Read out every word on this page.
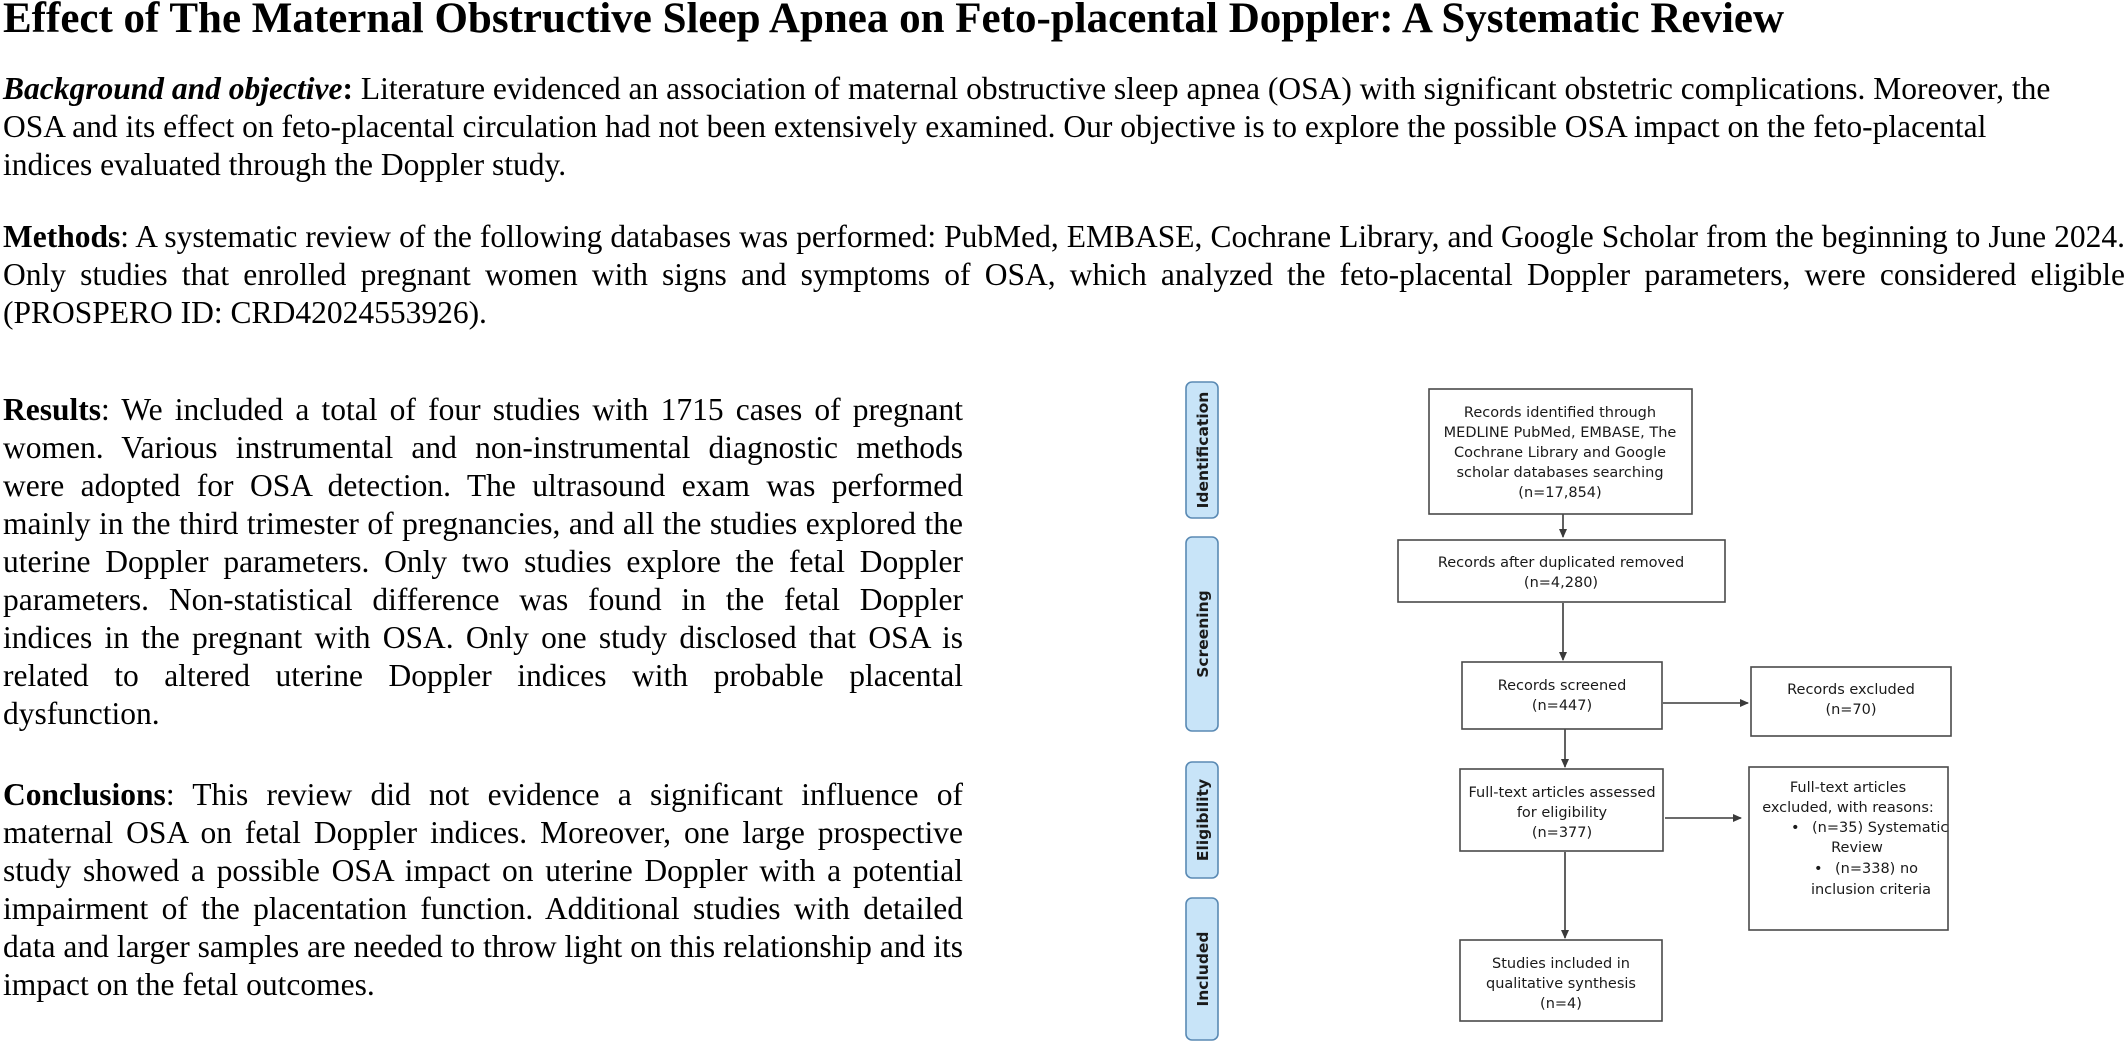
Effect of The Maternal Obstructive Sleep Apnea on Feto-placental Doppler: A Systematic Review
Background and objective: Literature evidenced an association of maternal obstructive sleep apnea (OSA) with significant obstetric complications. Moreover, the OSA and its effect on feto-placental circulation had not been extensively examined. Our objective is to explore the possible OSA impact on the feto-placental indices evaluated through the Doppler study.
Methods: A systematic review of the following databases was performed: PubMed, EMBASE, Cochrane Library, and Google Scholar from the beginning to June 2024. Only studies that enrolled pregnant women with signs and symptoms of OSA, which analyzed the feto-placental Doppler parameters, were considered eligible (PROSPERO ID: CRD42024553926).
Results: We included a total of four studies with 1715 cases of pregnant women. Various instrumental and non-instrumental diagnostic methods were adopted for OSA detection. The ultrasound exam was performed mainly in the third trimester of pregnancies, and all the studies explored the uterine Doppler parameters. Only two studies explore the fetal Doppler parameters. Non-statistical difference was found in the fetal Doppler indices in the pregnant with OSA. Only one study disclosed that OSA is related to altered uterine Doppler indices with probable placental dysfunction.
Conclusions: This review did not evidence a significant influence of maternal OSA on fetal Doppler indices. Moreover, one large prospective study showed a possible OSA impact on uterine Doppler with a potential impairment of the placentation function. Additional studies with detailed data and larger samples are needed to throw light on this relationship and its impact on the fetal outcomes.
Identification
Screening
Eligibility
Included
Records identified through
MEDLINE PubMed, EMBASE, The
Cochrane Library and Google
scholar databases searching
(n=17,854)
Records after duplicated removed
(n=4,280)
Records screened
(n=447)
Records excluded
(n=70)
Full-text articles assessed
for eligibility
(n=377)
Full-text articles
excluded, with reasons:
• (n=35) Systematic
Review
• (n=338) no
inclusion criteria
Studies included in
qualitative synthesis
(n=4)
